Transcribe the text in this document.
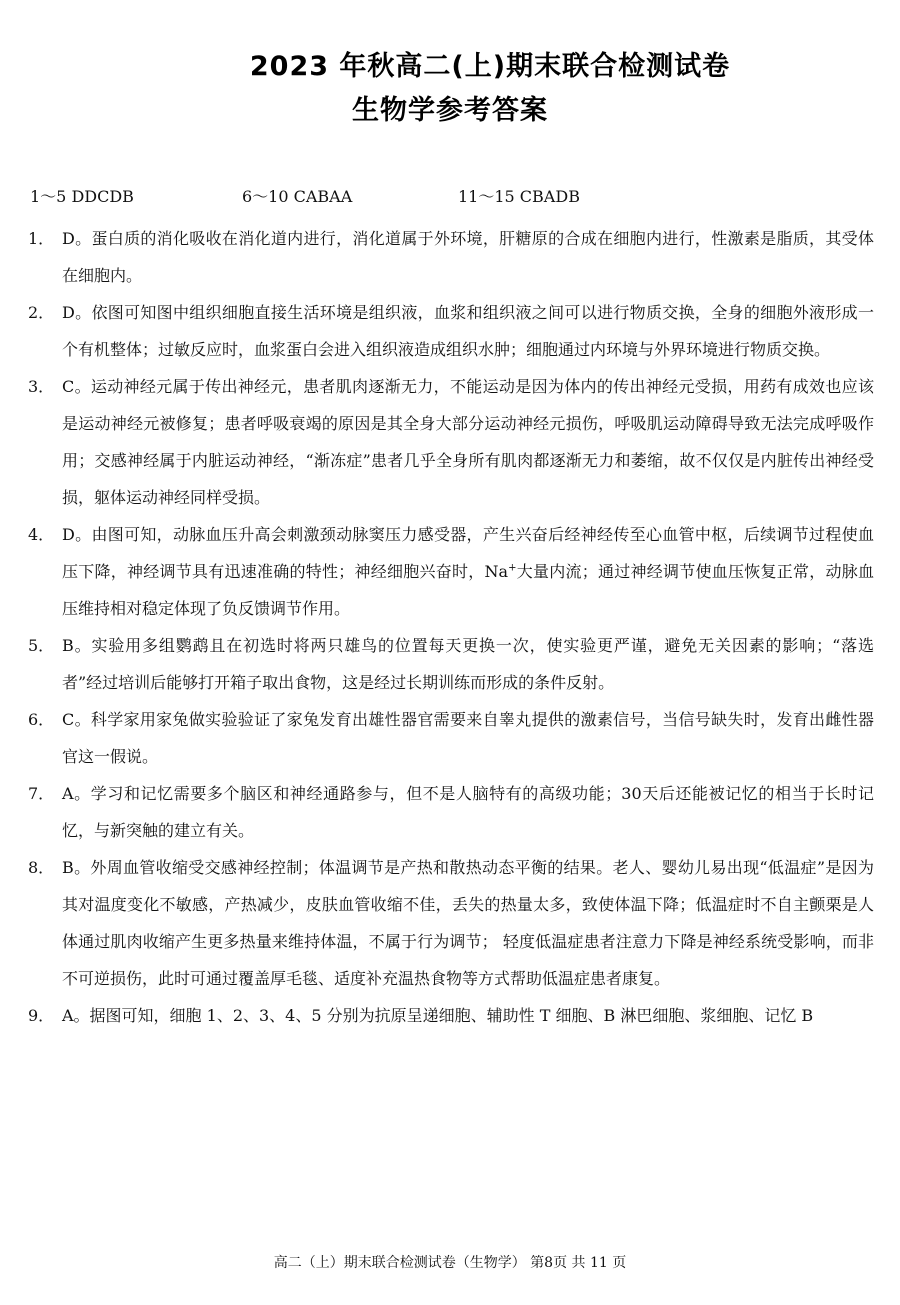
2023 年秋高二(上)期末联合检测试卷
生物学参考答案
1～5 DDCDB	6～10 CABAA	11～15 CBADB
1． D。蛋白质的消化吸收在消化道内进行，消化道属于外环境，肝糖原的合成在细胞内进行，性激素是脂质，其受体在细胞内。
2． D。依图可知图中组织细胞直接生活环境是组织液，血浆和组织液之间可以进行物质交换，全身的细胞外液形成一个有机整体；过敏反应时，血浆蛋白会进入组织液造成组织水肿；细胞通过内环境与外界环境进行物质交换。
3． C。运动神经元属于传出神经元，患者肌肉逐渐无力，不能运动是因为体内的传出神经元受损，用药有成效也应该是运动神经元被修复；患者呼吸衰竭的原因是其全身大部分运动神经元损伤，呼吸肌运动障碍导致无法完成呼吸作用；交感神经属于内脏运动神经，“渐冻症”患者几乎全身所有肌肉都逐渐无力和萎缩，故不仅仅是内脏传出神经受损，躯体运动神经同样受损。
4． D。由图可知，动脉血压升高会刺激颈动脉窦压力感受器，产生兴奋后经神经传至心血管中枢，后续调节过程使血压下降，神经调节具有迅速准确的特性；神经细胞兴奋时，Na+大量内流；通过神经调节使血压恢复正常，动脉血压维持相对稳定体现了负反馈调节作用。
5． B。实验用多组鹦鹉且在初选时将两只雄鸟的位置每天更换一次，使实验更严谨，避免无关因素的影响；“落选者”经过培训后能够打开箱子取出食物，这是经过长期训练而形成的条件反射。
6． C。科学家用家兔做实验验证了家兔发育出雄性器官需要来自睾丸提供的激素信号，当信号缺失时，发育出雌性器官这一假说。
7． A。学习和记忆需要多个脑区和神经通路参与，但不是人脑特有的高级功能；30天后还能被记忆的相当于长时记忆，与新突触的建立有关。
8． B。外周血管收缩受交感神经控制；体温调节是产热和散热动态平衡的结果。老人、婴幼儿易出现“低温症”是因为其对温度变化不敏感，产热减少，皮肤血管收缩不佳，丢失的热量太多，致使体温下降；低温症时不自主颤栗是人体通过肌肉收缩产生更多热量来维持体温，不属于行为调节； 轻度低温症患者注意力下降是神经系统受影响，而非不可逆损伤，此时可通过覆盖厚毛毯、适度补充温热食物等方式帮助低温症患者康复。
9． A。据图可知，细胞 1、2、3、4、5 分别为抗原呈递细胞、辅助性 T 细胞、B 淋巴细胞、浆细胞、记忆 B
高二（上）期末联合检测试卷（生物学） 第8页 共 11 页
